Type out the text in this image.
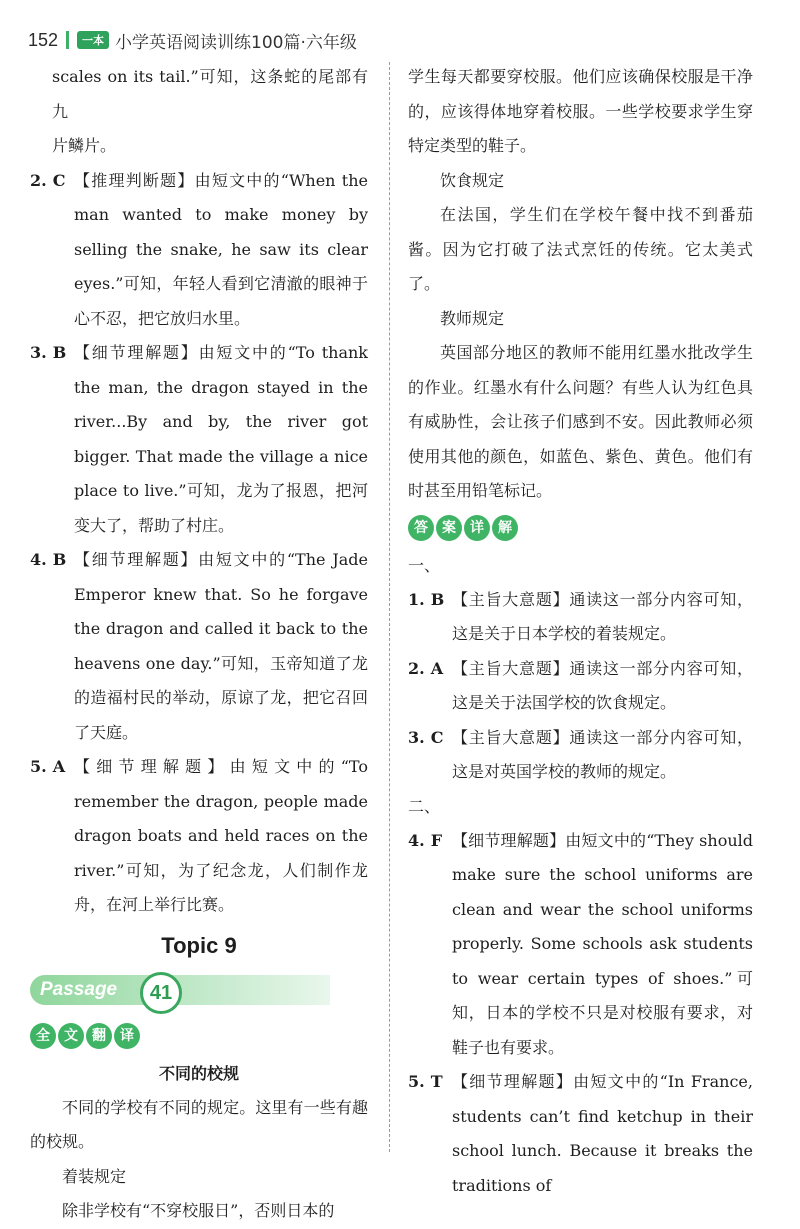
152	一本 小学英语阅读训练100篇·六年级
scales on its tail.”可知，这条蛇的尾部有九
片鳞片。
2. C 【推理判断题】由短文中的“When the man wanted to make money by selling the snake, he saw its clear eyes.”可知，年轻人看到它清澈的眼神于心不忍，把它放归水里。
3. B 【细节理解题】由短文中的“To thank the man, the dragon stayed in the river...By and by, the river got bigger. That made the village a nice place to live.”可知，龙为了报恩，把河变大了，帮助了村庄。
4. B 【细节理解题】由短文中的“The Jade Emperor knew that. So he forgave the dragon and called it back to the heavens one day.”可知，玉帝知道了龙的造福村民的举动，原谅了龙，把它召回了天庭。
5. A 【细节理解题】由短文中的“To remember the dragon, people made dragon boats and held races on the river.”可知，为了纪念龙，人们制作龙舟，在河上举行比赛。
Topic 9
Passage	41
全	文	翻	译
不同的校规

不同的学校有不同的规定。这里有一些有趣的校规。

着装规定

除非学校有“不穿校服日”，否则日本的

学生每天都要穿校服。他们应该确保校服是干净的，应该得体地穿着校服。一些学校要求学生穿特定类型的鞋子。

饮食规定

在法国，学生们在学校午餐中找不到番茄酱。因为它打破了法式烹饪的传统。它太美式了。

教师规定

英国部分地区的教师不能用红墨水批改学生的作业。红墨水有什么问题？有些人认为红色具有威胁性，会让孩子们感到不安。因此教师必须使用其他的颜色，如蓝色、紫色、黄色。他们有时甚至用铅笔标记。

答	案	详	解
一、
1. B 【主旨大意题】通读这一部分内容可知，这是关于日本学校的着装规定。
2. A 【主旨大意题】通读这一部分内容可知，这是关于法国学校的饮食规定。
3. C 【主旨大意题】通读这一部分内容可知，这是对英国学校的教师的规定。
二、
4. F 【细节理解题】由短文中的“They should make sure the school uniforms are clean and wear the school uniforms properly. Some schools ask students to wear certain types of shoes.”可知，日本的学校不只是对校服有要求，对鞋子也有要求。
5. T 【细节理解题】由短文中的“In France, students can’t find ketchup in their school lunch. Because it breaks the traditions of
